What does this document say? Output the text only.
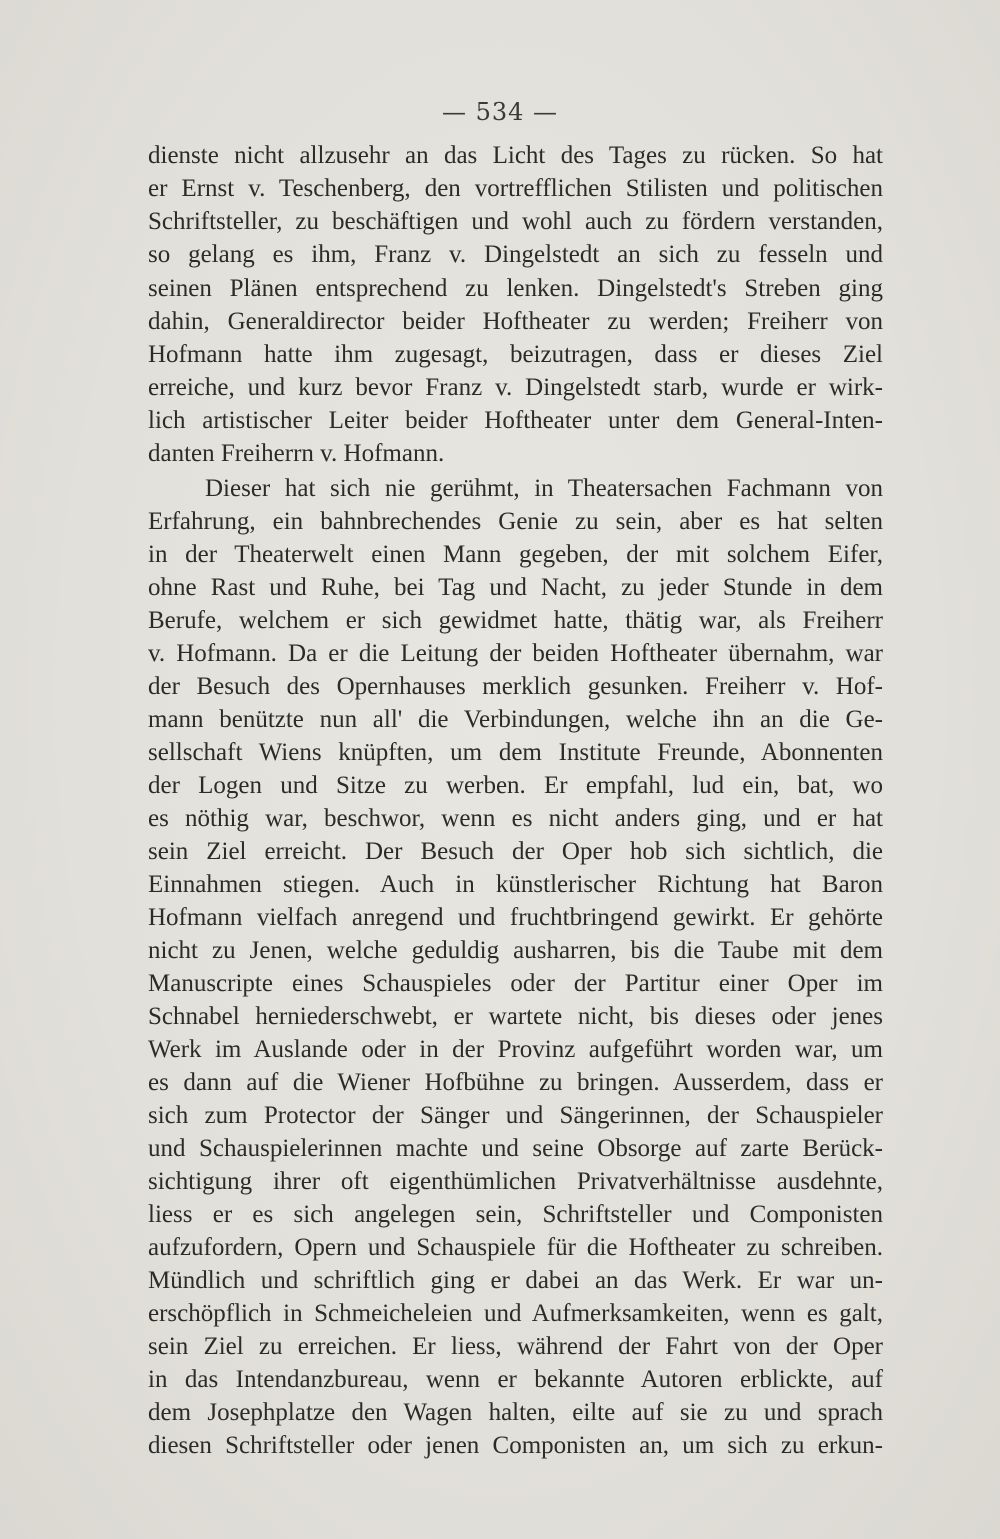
— 534 —
dienste nicht allzusehr an das Licht des Tages zu rücken. So hat
er Ernst v. Teschenberg, den vortrefflichen Stilisten und politischen
Schriftsteller, zu beschäftigen und wohl auch zu fördern verstanden,
so gelang es ihm, Franz v. Dingelstedt an sich zu fesseln und
seinen Plänen entsprechend zu lenken. Dingelstedt's Streben ging
dahin, Generaldirector beider Hoftheater zu werden; Freiherr von
Hofmann hatte ihm zugesagt, beizutragen, dass er dieses Ziel
erreiche, und kurz bevor Franz v. Dingelstedt starb, wurde er wirk-
lich artistischer Leiter beider Hoftheater unter dem General-Inten-
danten Freiherrn v. Hofmann.
Dieser hat sich nie gerühmt, in Theatersachen Fachmann von
Erfahrung, ein bahnbrechendes Genie zu sein, aber es hat selten
in der Theaterwelt einen Mann gegeben, der mit solchem Eifer,
ohne Rast und Ruhe, bei Tag und Nacht, zu jeder Stunde in dem
Berufe, welchem er sich gewidmet hatte, thätig war, als Freiherr
v. Hofmann. Da er die Leitung der beiden Hoftheater übernahm, war
der Besuch des Opernhauses merklich gesunken. Freiherr v. Hof-
mann benützte nun all' die Verbindungen, welche ihn an die Ge-
sellschaft Wiens knüpften, um dem Institute Freunde, Abonnenten
der Logen und Sitze zu werben. Er empfahl, lud ein, bat, wo
es nöthig war, beschwor, wenn es nicht anders ging, und er hat
sein Ziel erreicht. Der Besuch der Oper hob sich sichtlich, die
Einnahmen stiegen. Auch in künstlerischer Richtung hat Baron
Hofmann vielfach anregend und fruchtbringend gewirkt. Er gehörte
nicht zu Jenen, welche geduldig ausharren, bis die Taube mit dem
Manuscripte eines Schauspieles oder der Partitur einer Oper im
Schnabel herniederschwebt, er wartete nicht, bis dieses oder jenes
Werk im Auslande oder in der Provinz aufgeführt worden war, um
es dann auf die Wiener Hofbühne zu bringen. Ausserdem, dass er
sich zum Protector der Sänger und Sängerinnen, der Schauspieler
und Schauspielerinnen machte und seine Obsorge auf zarte Berück-
sichtigung ihrer oft eigenthümlichen Privatverhältnisse ausdehnte,
liess er es sich angelegen sein, Schriftsteller und Componisten
aufzufordern, Opern und Schauspiele für die Hoftheater zu schreiben.
Mündlich und schriftlich ging er dabei an das Werk. Er war un-
erschöpflich in Schmeicheleien und Aufmerksamkeiten, wenn es galt,
sein Ziel zu erreichen. Er liess, während der Fahrt von der Oper
in das Intendanzbureau, wenn er bekannte Autoren erblickte, auf
dem Josephplatze den Wagen halten, eilte auf sie zu und sprach
diesen Schriftsteller oder jenen Componisten an, um sich zu erkun-
